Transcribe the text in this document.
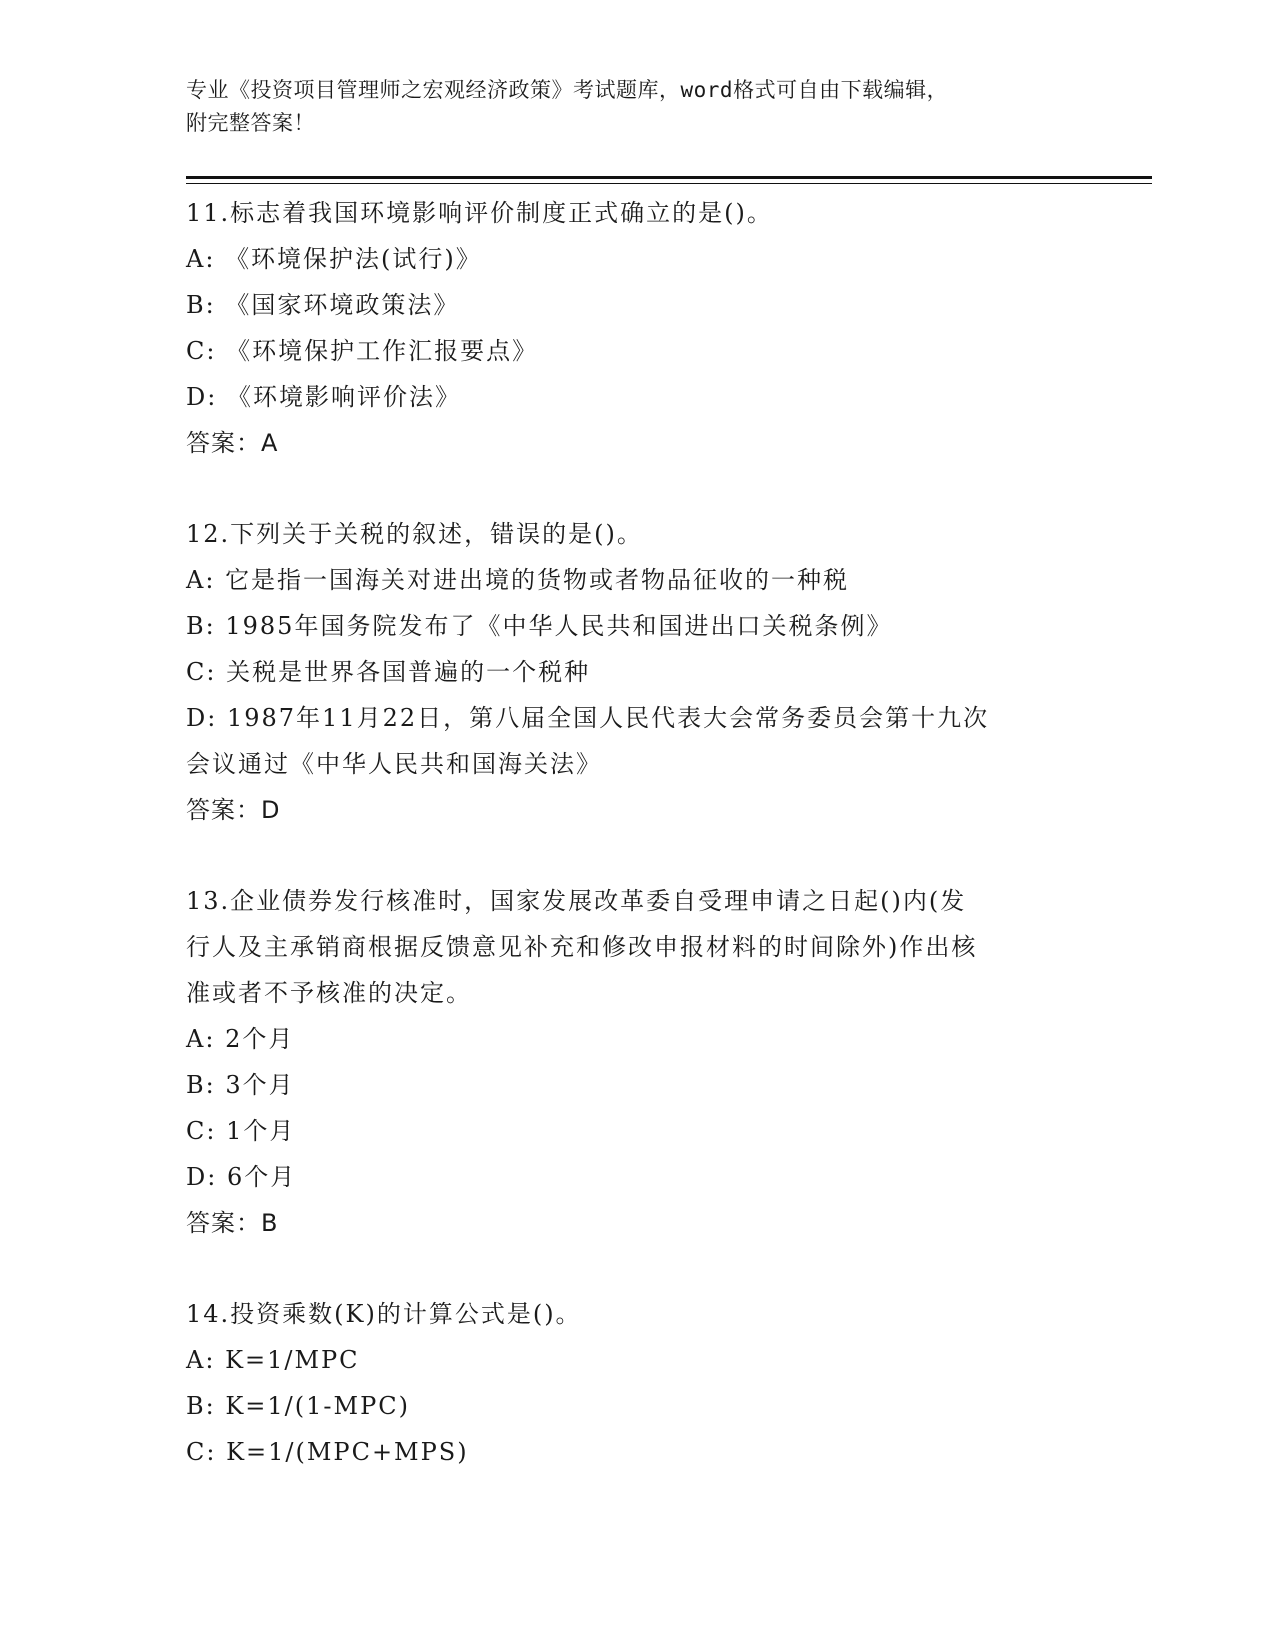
专业《投资项目管理师之宏观经济政策》考试题库，word格式可自由下载编辑，
附完整答案！
11.标志着我国环境影响评价制度正式确立的是()。
A: 《环境保护法(试行)》
B: 《国家环境政策法》
C: 《环境保护工作汇报要点》
D: 《环境影响评价法》
答案：A
12.下列关于关税的叙述，错误的是()。
A: 它是指一国海关对进出境的货物或者物品征收的一种税
B: 1985年国务院发布了《中华人民共和国进出口关税条例》
C: 关税是世界各国普遍的一个税种
D: 1987年11月22日，第八届全国人民代表大会常务委员会第十九次
会议通过《中华人民共和国海关法》
答案：D
13.企业债券发行核准时，国家发展改革委自受理申请之日起()内(发
行人及主承销商根据反馈意见补充和修改申报材料的时间除外)作出核
准或者不予核准的决定。
A: 2个月
B: 3个月
C: 1个月
D: 6个月
答案：B
14.投资乘数(K)的计算公式是()。
A: K=1/MPC
B: K=1/(1-MPC)
C: K=1/(MPC+MPS)
